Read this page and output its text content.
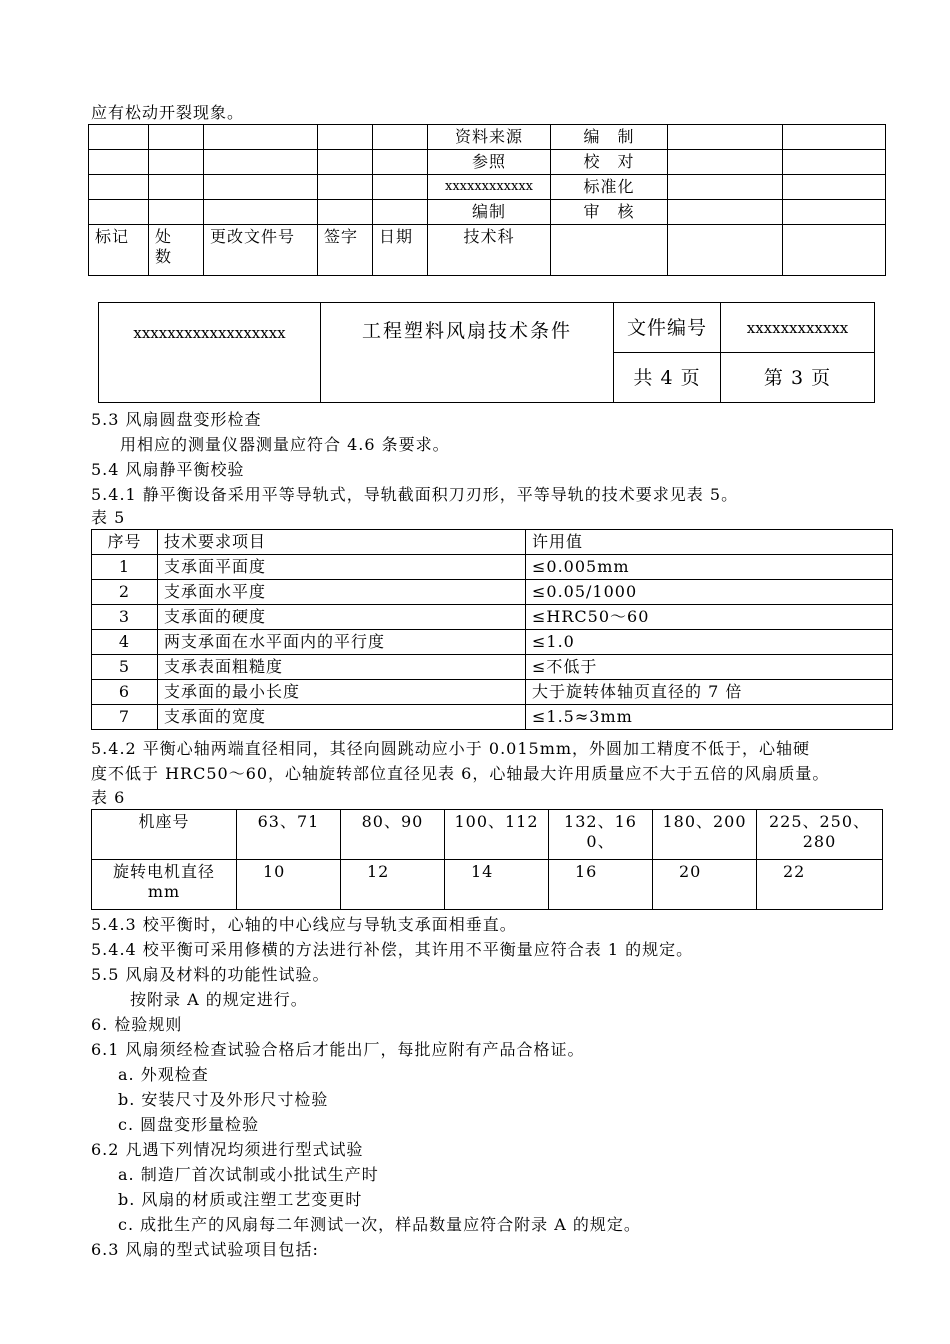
应有松动开裂现象。
					资料来源	编　制		
					参照	校　对		
					xxxxxxxxxxxx	标准化		
					编制	审　核		
标记	处数	更改文件号	签字	日期	技术科			
xxxxxxxxxxxxxxxxxx	工程塑料风扇技术条件	文件编号	xxxxxxxxxxxx
		共 4 页	第 3 页
5.3 风扇圆盘变形检查
用相应的测量仪器测量应符合 4.6 条要求。
5.4 风扇静平衡校验
5.4.1 静平衡设备采用平等导轨式，导轨截面积刀刃形，平等导轨的技术要求见表 5。
表 5
序号	技术要求项目	许用值
1	支承面平面度	≤0.005mm
2	支承面水平度	≤0.05/1000
3	支承面的硬度	≤HRC50～60
4	两支承面在水平面内的平行度	≤1.0
5	支承表面粗糙度	≤不低于
6	支承面的最小长度	大于旋转体轴页直径的 7 倍
7	支承面的宽度	≤1.5≈3mm
5.4.2 平衡心轴两端直径相同，其径向圆跳动应小于 0.015mm，外圆加工精度不低于，心轴硬
度不低于 HRC50～60，心轴旋转部位直径见表 6，心轴最大许用质量应不大于五倍的风扇质量。
表 6
机座号	63、71	80、90	100、112	132、160、	180、200	225、250、280
旋转电机直径mm	10	12	14	16	20	22
5.4.3 校平衡时，心轴的中心线应与导轨支承面相垂直。
5.4.4 校平衡可采用修横的方法进行补偿，其许用不平衡量应符合表 1 的规定。
5.5 风扇及材料的功能性试验。
按附录 A 的规定进行。
6. 检验规则
6.1 风扇须经检查试验合格后才能出厂，每批应附有产品合格证。
a. 外观检查
b. 安装尺寸及外形尺寸检验
c. 圆盘变形量检验
6.2 凡遇下列情况均须进行型式试验
a. 制造厂首次试制或小批试生产时
b. 风扇的材质或注塑工艺变更时
c. 成批生产的风扇每二年测试一次，样品数量应符合附录 A 的规定。
6.3 风扇的型式试验项目包括:
